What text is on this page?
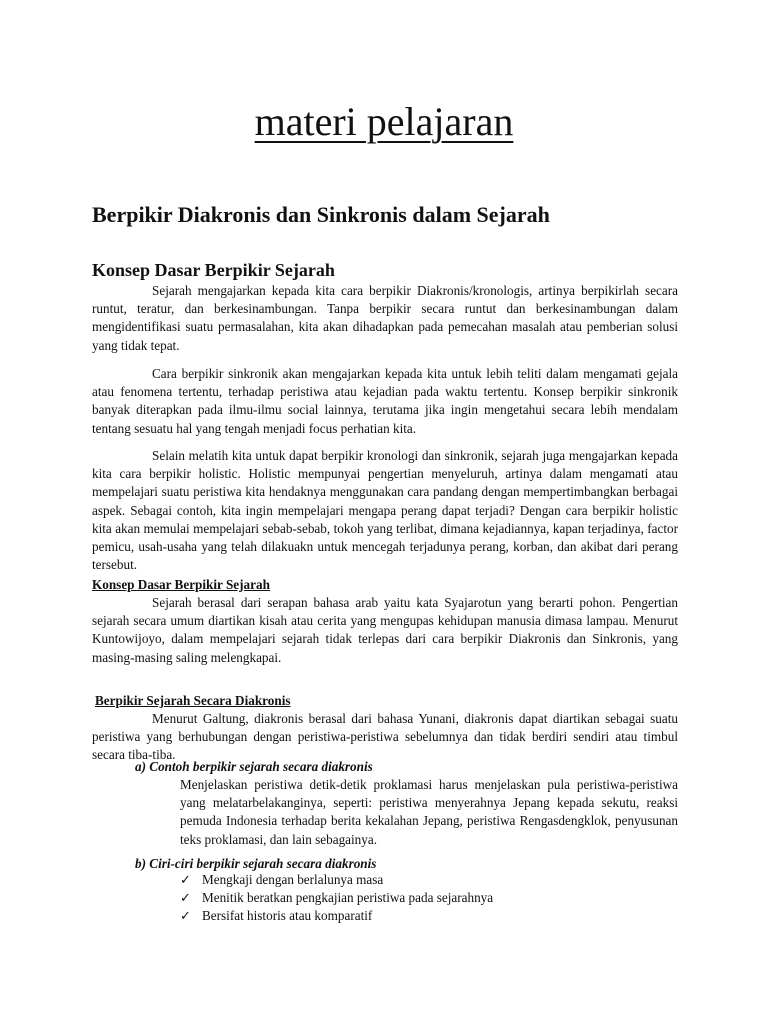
materi pelajaran
Berpikir Diakronis dan Sinkronis dalam Sejarah
Konsep Dasar Berpikir Sejarah

Sejarah mengajarkan kepada kita cara berpikir Diakronis/kronologis, artinya berpikirlah secara runtut, teratur, dan berkesinambungan. Tanpa berpikir secara runtut dan berkesinambungan dalam mengidentifikasi suatu permasalahan, kita akan dihadapkan pada pemecahan masalah atau pemberian solusi yang tidak tepat.

Cara berpikir sinkronik akan mengajarkan kepada kita untuk lebih teliti dalam mengamati gejala atau fenomena tertentu, terhadap peristiwa atau kejadian pada waktu tertentu. Konsep berpikir sinkronik banyak diterapkan pada ilmu-ilmu social lainnya, terutama jika ingin mengetahui secara lebih mendalam tentang sesuatu hal yang tengah menjadi focus perhatian kita.

Selain melatih kita untuk dapat berpikir kronologi dan sinkronik, sejarah juga mengajarkan kepada kita cara berpikir holistic. Holistic mempunyai pengertian menyeluruh, artinya dalam mengamati atau mempelajari suatu peristiwa kita hendaknya menggunakan cara pandang dengan mempertimbangkan berbagai aspek. Sebagai contoh, kita ingin mempelajari mengapa perang dapat terjadi? Dengan cara berpikir holistic kita akan memulai mempelajari sebab-sebab, tokoh yang terlibat, dimana kejadiannya, kapan terjadinya, factor pemicu, usah-usaha yang telah dilakuakn untuk mencegah terjadunya perang, korban, dan akibat dari perang tersebut.

Konsep Dasar Berpikir Sejarah

Sejarah berasal dari serapan bahasa arab yaitu kata Syajarotun yang berarti pohon. Pengertian sejarah secara umum diartikan kisah atau cerita yang mengupas kehidupan manusia dimasa lampau. Menurut Kuntowijoyo, dalam mempelajari sejarah tidak terlepas dari cara berpikir Diakronis dan Sinkronis, yang masing-masing saling melengkapai.

Berpikir Sejarah Secara Diakronis

Menurut Galtung, diakronis berasal dari bahasa Yunani, diakronis dapat diartikan sebagai suatu peristiwa yang berhubungan dengan peristiwa-peristiwa sebelumnya dan tidak berdiri sendiri atau timbul secara tiba-tiba.

a) Contoh berpikir sejarah secara diakronis

Menjelaskan peristiwa detik-detik proklamasi harus menjelaskan pula peristiwa-peristiwa yang melatarbelakanginya, seperti: peristiwa menyerahnya Jepang kepada sekutu, reaksi pemuda Indonesia terhadap berita kekalahan Jepang, peristiwa Rengasdengklok, penyusunan teks proklamasi, dan lain sebagainya.

b) Ciri-ciri berpikir sejarah secara diakronis

✓ Mengkaji dengan berlalunya masa
✓ Menitik beratkan pengkajian peristiwa pada sejarahnya
✓ Bersifat historis atau komparatif
